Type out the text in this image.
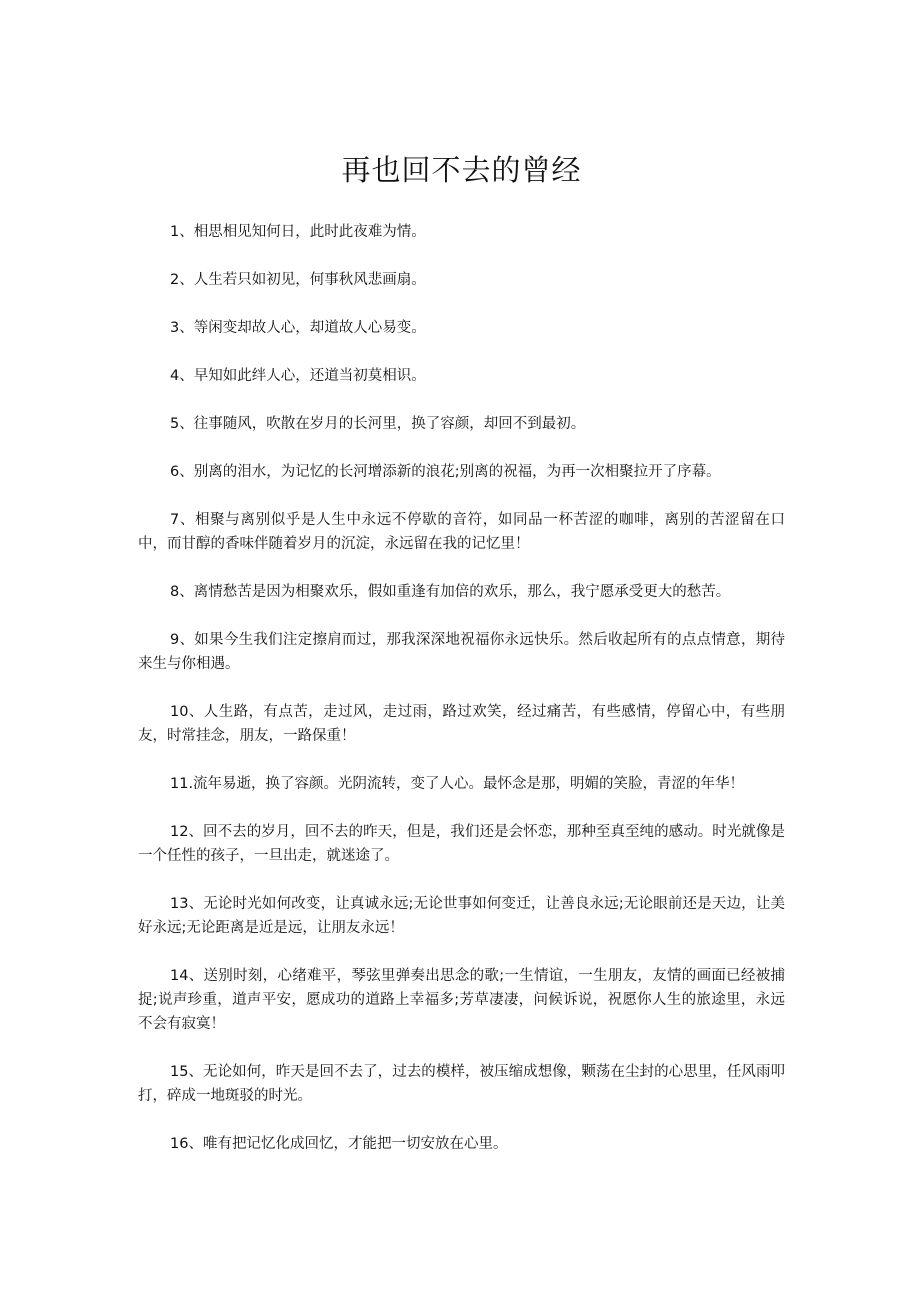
再也回不去的曾经
1、相思相见知何日，此时此夜难为情。
2、人生若只如初见，何事秋风悲画扇。
3、等闲变却故人心，却道故人心易变。
4、早知如此绊人心，还道当初莫相识。
5、往事随风，吹散在岁月的长河里，换了容颜，却回不到最初。
6、别离的泪水，为记忆的长河增添新的浪花;别离的祝福，为再一次相聚拉开了序幕。
7、相聚与离别似乎是人生中永远不停歇的音符，如同品一杯苦涩的咖啡，离别的苦涩留在口中，而甘醇的香味伴随着岁月的沉淀，永远留在我的记忆里！
8、离情愁苦是因为相聚欢乐，假如重逢有加倍的欢乐，那么，我宁愿承受更大的愁苦。
9、如果今生我们注定擦肩而过，那我深深地祝福你永远快乐。然后收起所有的点点情意，期待来生与你相遇。
10、人生路，有点苦，走过风，走过雨，路过欢笑，经过痛苦，有些感情，停留心中，有些朋友，时常挂念，朋友，一路保重！
11.流年易逝，换了容颜。光阴流转，变了人心。最怀念是那，明媚的笑脸，青涩的年华！
12、回不去的岁月，回不去的昨天，但是，我们还是会怀恋，那种至真至纯的感动。时光就像是一个任性的孩子，一旦出走，就迷途了。
13、无论时光如何改变，让真诚永远;无论世事如何变迁，让善良永远;无论眼前还是天边，让美好永远;无论距离是近是远，让朋友永远！
14、送别时刻，心绪难平，琴弦里弹奏出思念的歌;一生情谊，一生朋友，友情的画面已经被捕捉;说声珍重，道声平安，愿成功的道路上幸福多;芳草凄凄，问候诉说，祝愿你人生的旅途里，永远不会有寂寞！
15、无论如何，昨天是回不去了，过去的模样，被压缩成想像，颗荡在尘封的心思里，任风雨叩打，碎成一地斑驳的时光。
16、唯有把记忆化成回忆，才能把一切安放在心里。
